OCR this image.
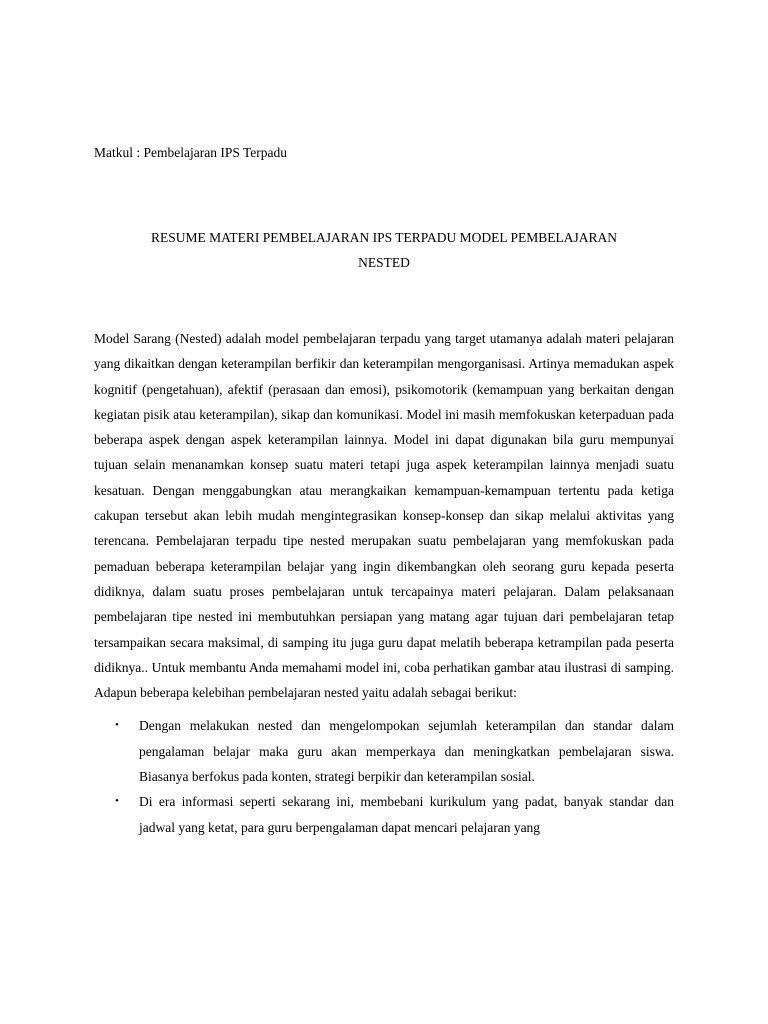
Matkul : Pembelajaran IPS Terpadu

RESUME MATERI PEMBELAJARAN IPS TERPADU MODEL PEMBELAJARAN
NESTED
Model Sarang (Nested) adalah model pembelajaran terpadu yang target utamanya adalah materi pelajaran yang dikaitkan dengan keterampilan berfikir dan keterampilan mengorganisasi. Artinya memadukan aspek kognitif (pengetahuan), afektif (perasaan dan emosi), psikomotorik (kemampuan yang berkaitan dengan kegiatan pisik atau keterampilan), sikap dan komunikasi. Model ini masih memfokuskan keterpaduan pada beberapa aspek dengan aspek keterampilan lainnya. Model ini dapat digunakan bila guru mempunyai tujuan selain menanamkan konsep suatu materi tetapi juga aspek keterampilan lainnya menjadi suatu kesatuan. Dengan menggabungkan atau merangkaikan kemampuan-kemampuan tertentu pada ketiga cakupan tersebut akan lebih mudah mengintegrasikan konsep-konsep dan sikap melalui aktivitas yang terencana. Pembelajaran terpadu tipe nested merupakan suatu pembelajaran yang memfokuskan pada pemaduan beberapa keterampilan belajar yang ingin dikembangkan oleh seorang guru kepada peserta didiknya, dalam suatu proses pembelajaran untuk tercapainya materi pelajaran. Dalam pelaksanaan pembelajaran tipe nested ini membutuhkan persiapan yang matang agar tujuan dari pembelajaran tetap tersampaikan secara maksimal, di samping itu juga guru dapat melatih beberapa ketrampilan pada peserta didiknya.. Untuk membantu Anda memahami model ini, coba perhatikan gambar atau ilustrasi di samping. Adapun beberapa kelebihan pembelajaran nested yaitu adalah sebagai berikut:
• Dengan melakukan nested dan mengelompokan sejumlah keterampilan dan standar dalam pengalaman belajar maka guru akan memperkaya dan meningkatkan pembelajaran siswa. Biasanya berfokus pada konten, strategi berpikir dan keterampilan sosial.
• Di era informasi seperti sekarang ini, membebani kurikulum yang padat, banyak standar dan jadwal yang ketat, para guru berpengalaman dapat mencari pelajaran yang
